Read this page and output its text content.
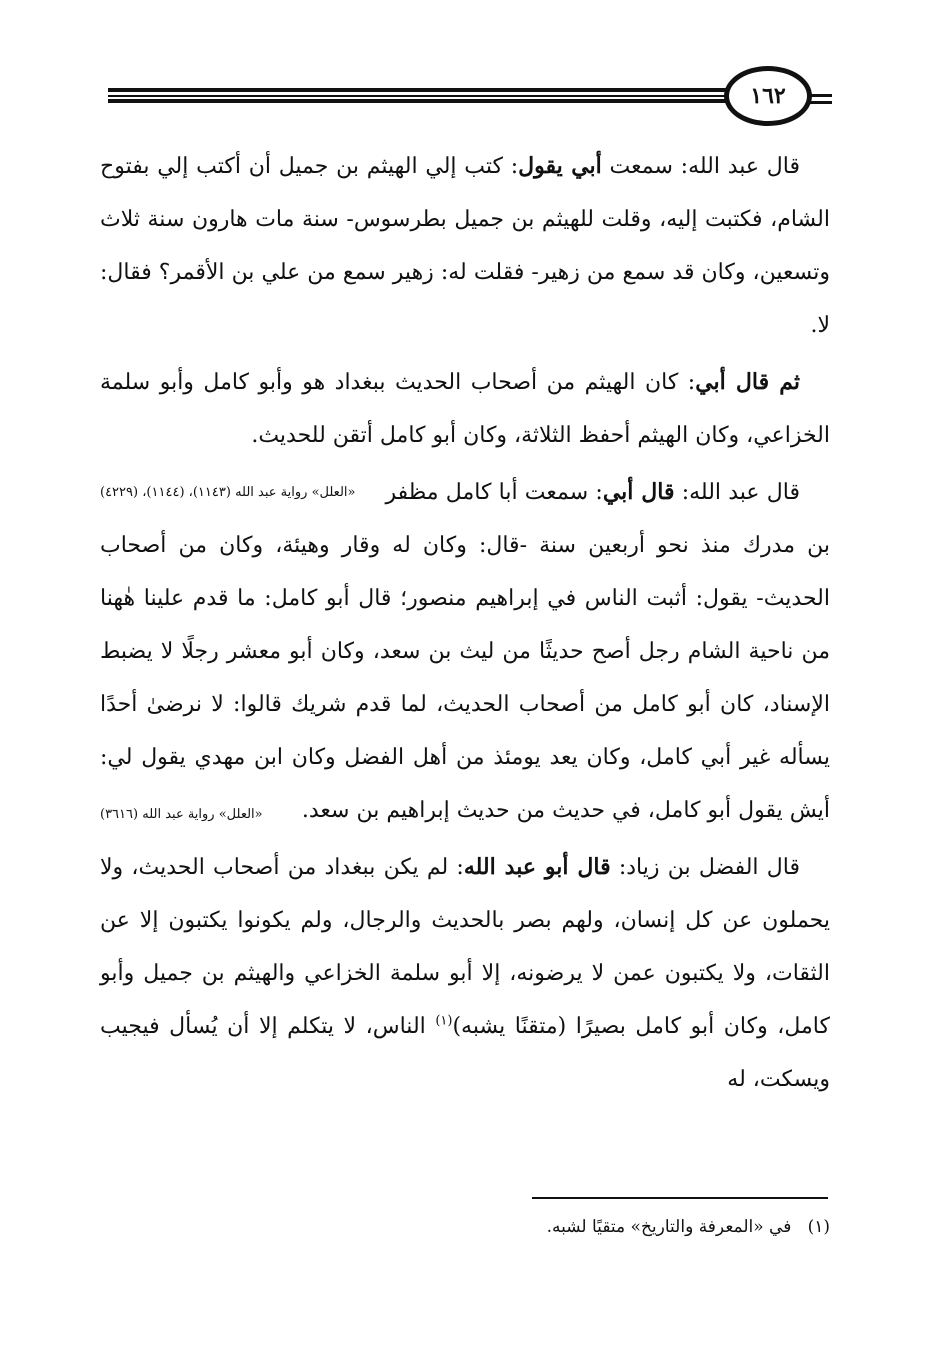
١٦٢

قال عبد الله: سمعت أبي يقول: كتب إلي الهيثم بن جميل أن أكتب إلي بفتوح الشام، فكتبت إليه، وقلت للهيثم بن جميل بطرسوس- سنة مات هارون سنة ثلاث وتسعين، وكان قد سمع من زهير- فقلت له: زهير سمع من علي بن الأقمر؟ فقال: لا.

ثم قال أبي: كان الهيثم من أصحاب الحديث ببغداد هو وأبو كامل وأبو سلمة الخزاعي، وكان الهيثم أحفظ الثلاثة، وكان أبو كامل أتقن للحديث.
«العلل» رواية عبد الله (١١٤٣)، (١١٤٤)، (٤٢٢٩)	قال عبد الله: قال أبي: سمعت أبا كامل مظفر بن مدرك منذ نحو أربعين سنة -قال: وكان له وقار وهيئة، وكان من أصحاب الحديث- يقول: أثبت الناس في إبراهيم منصور؛ قال أبو كامل: ما قدم علينا هٰهنا من ناحية الشام رجل أصح حديثًا من ليث بن سعد، وكان أبو معشر رجلًا لا يضبط الإسناد، كان أبو كامل من أصحاب الحديث، لما قدم شريك قالوا: لا نرضىٰ أحدًا يسأله غير أبي كامل، وكان يعد يومئذ من أهل الفضل وكان ابن مهدي يقول لي: أيش يقول أبو كامل، في حديث من حديث إبراهيم بن سعد.
«العلل» رواية عبد الله (٣٦١٦)

قال الفضل بن زياد: قال أبو عبد الله: لم يكن ببغداد من أصحاب الحديث، ولا يحملون عن كل إنسان، ولهم بصر بالحديث والرجال، ولم يكونوا يكتبون إلا عن الثقات، ولا يكتبون عمن لا يرضونه، إلا أبو سلمة الخزاعي والهيثم بن جميل وأبو كامل، وكان أبو كامل بصيرًا (متقنًا يشبه)$^{(١)}$ الناس، لا يتكلم إلا أن يُسأل فيجيب ويسكت، له

(١)   في «المعرفة والتاريخ» متقيًا لشبه.
